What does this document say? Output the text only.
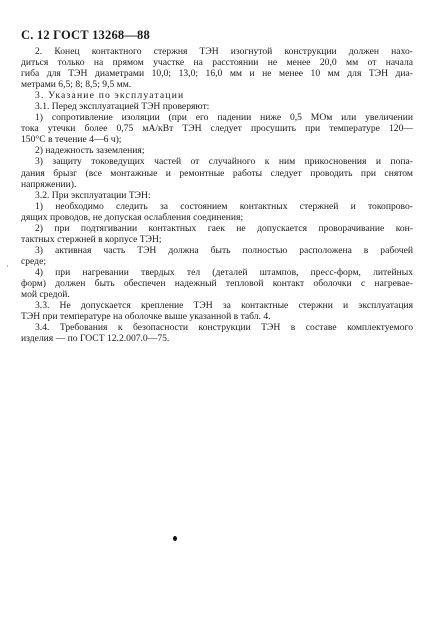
С. 12 ГОСТ 13268—88
ʿ
2. Конец контактного стержня ТЭН изогнутой конструкции должен нахо-
диться только на прямом участке на расстоянии не менее 20,0 мм от начала
гиба для ТЭН диаметрами 10,0; 13,0; 16,0 мм и не менее 10 мм для ТЭН диа-
метрами 6,5; 8; 8,5; 9,5 мм.
3. Указание по эксплуатации
3.1. Перед эксплуатацией ТЭН проверяют:
1) сопротивление изоляции (при его падении ниже 0,5 МОм или увеличении
тока утечки более 0,75 мА/кВт ТЭН следует просушить при температуре 120—
150°С в течение 4—6 ч);
2) надежность заземления;
3) защиту токоведущих частей от случайного к ним прикосновения и попа-
дания брызг (все монтажные и ремонтные работы следует проводить при снятом
напряжении).
3.2. При эксплуатации ТЭН:
1) необходимо следить за состоянием контактных стержней и токопрово-
дящих проводов, не допуская ослабления соединения;
2) при подтягивании контактных гаек не допускается проворачивание кон-
тактных стержней в корпусе ТЭН;
3) активная часть ТЭН должна быть полностью расположена в рабочей
среде;
4) при нагревании твердых тел (деталей штампов, пресс-форм, литейных
форм) должен быть обеспечен надежный тепловой контакт оболочки с нагревае-
мой средой.
3.3. Не допускается крепление ТЭН за контактные стержни и эксплуатация
ТЭН при температуре на оболочке выше указанной в табл. 4.
3.4. Требования к безопасности конструкции ТЭН в составе комплектуемого
изделия — по ГОСТ 12.2.007.0—75.
